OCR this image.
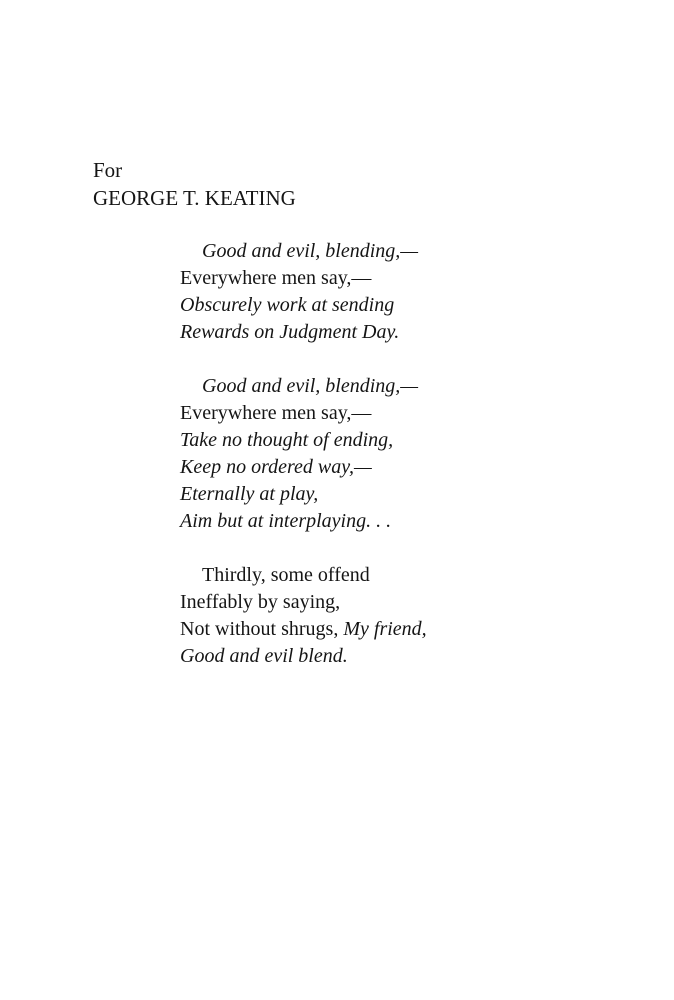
For
GEORGE T. KEATING
Good and evil, blending,—
Everywhere men say,—
Obscurely work at sending
Rewards on Judgment Day.
Good and evil, blending,—
Everywhere men say,—
Take no thought of ending,
Keep no ordered way,—
Eternally at play,
Aim but at interplaying. . .
Thirdly, some offend
Ineffably by saying,
Not without shrugs, My friend,
Good and evil blend.
